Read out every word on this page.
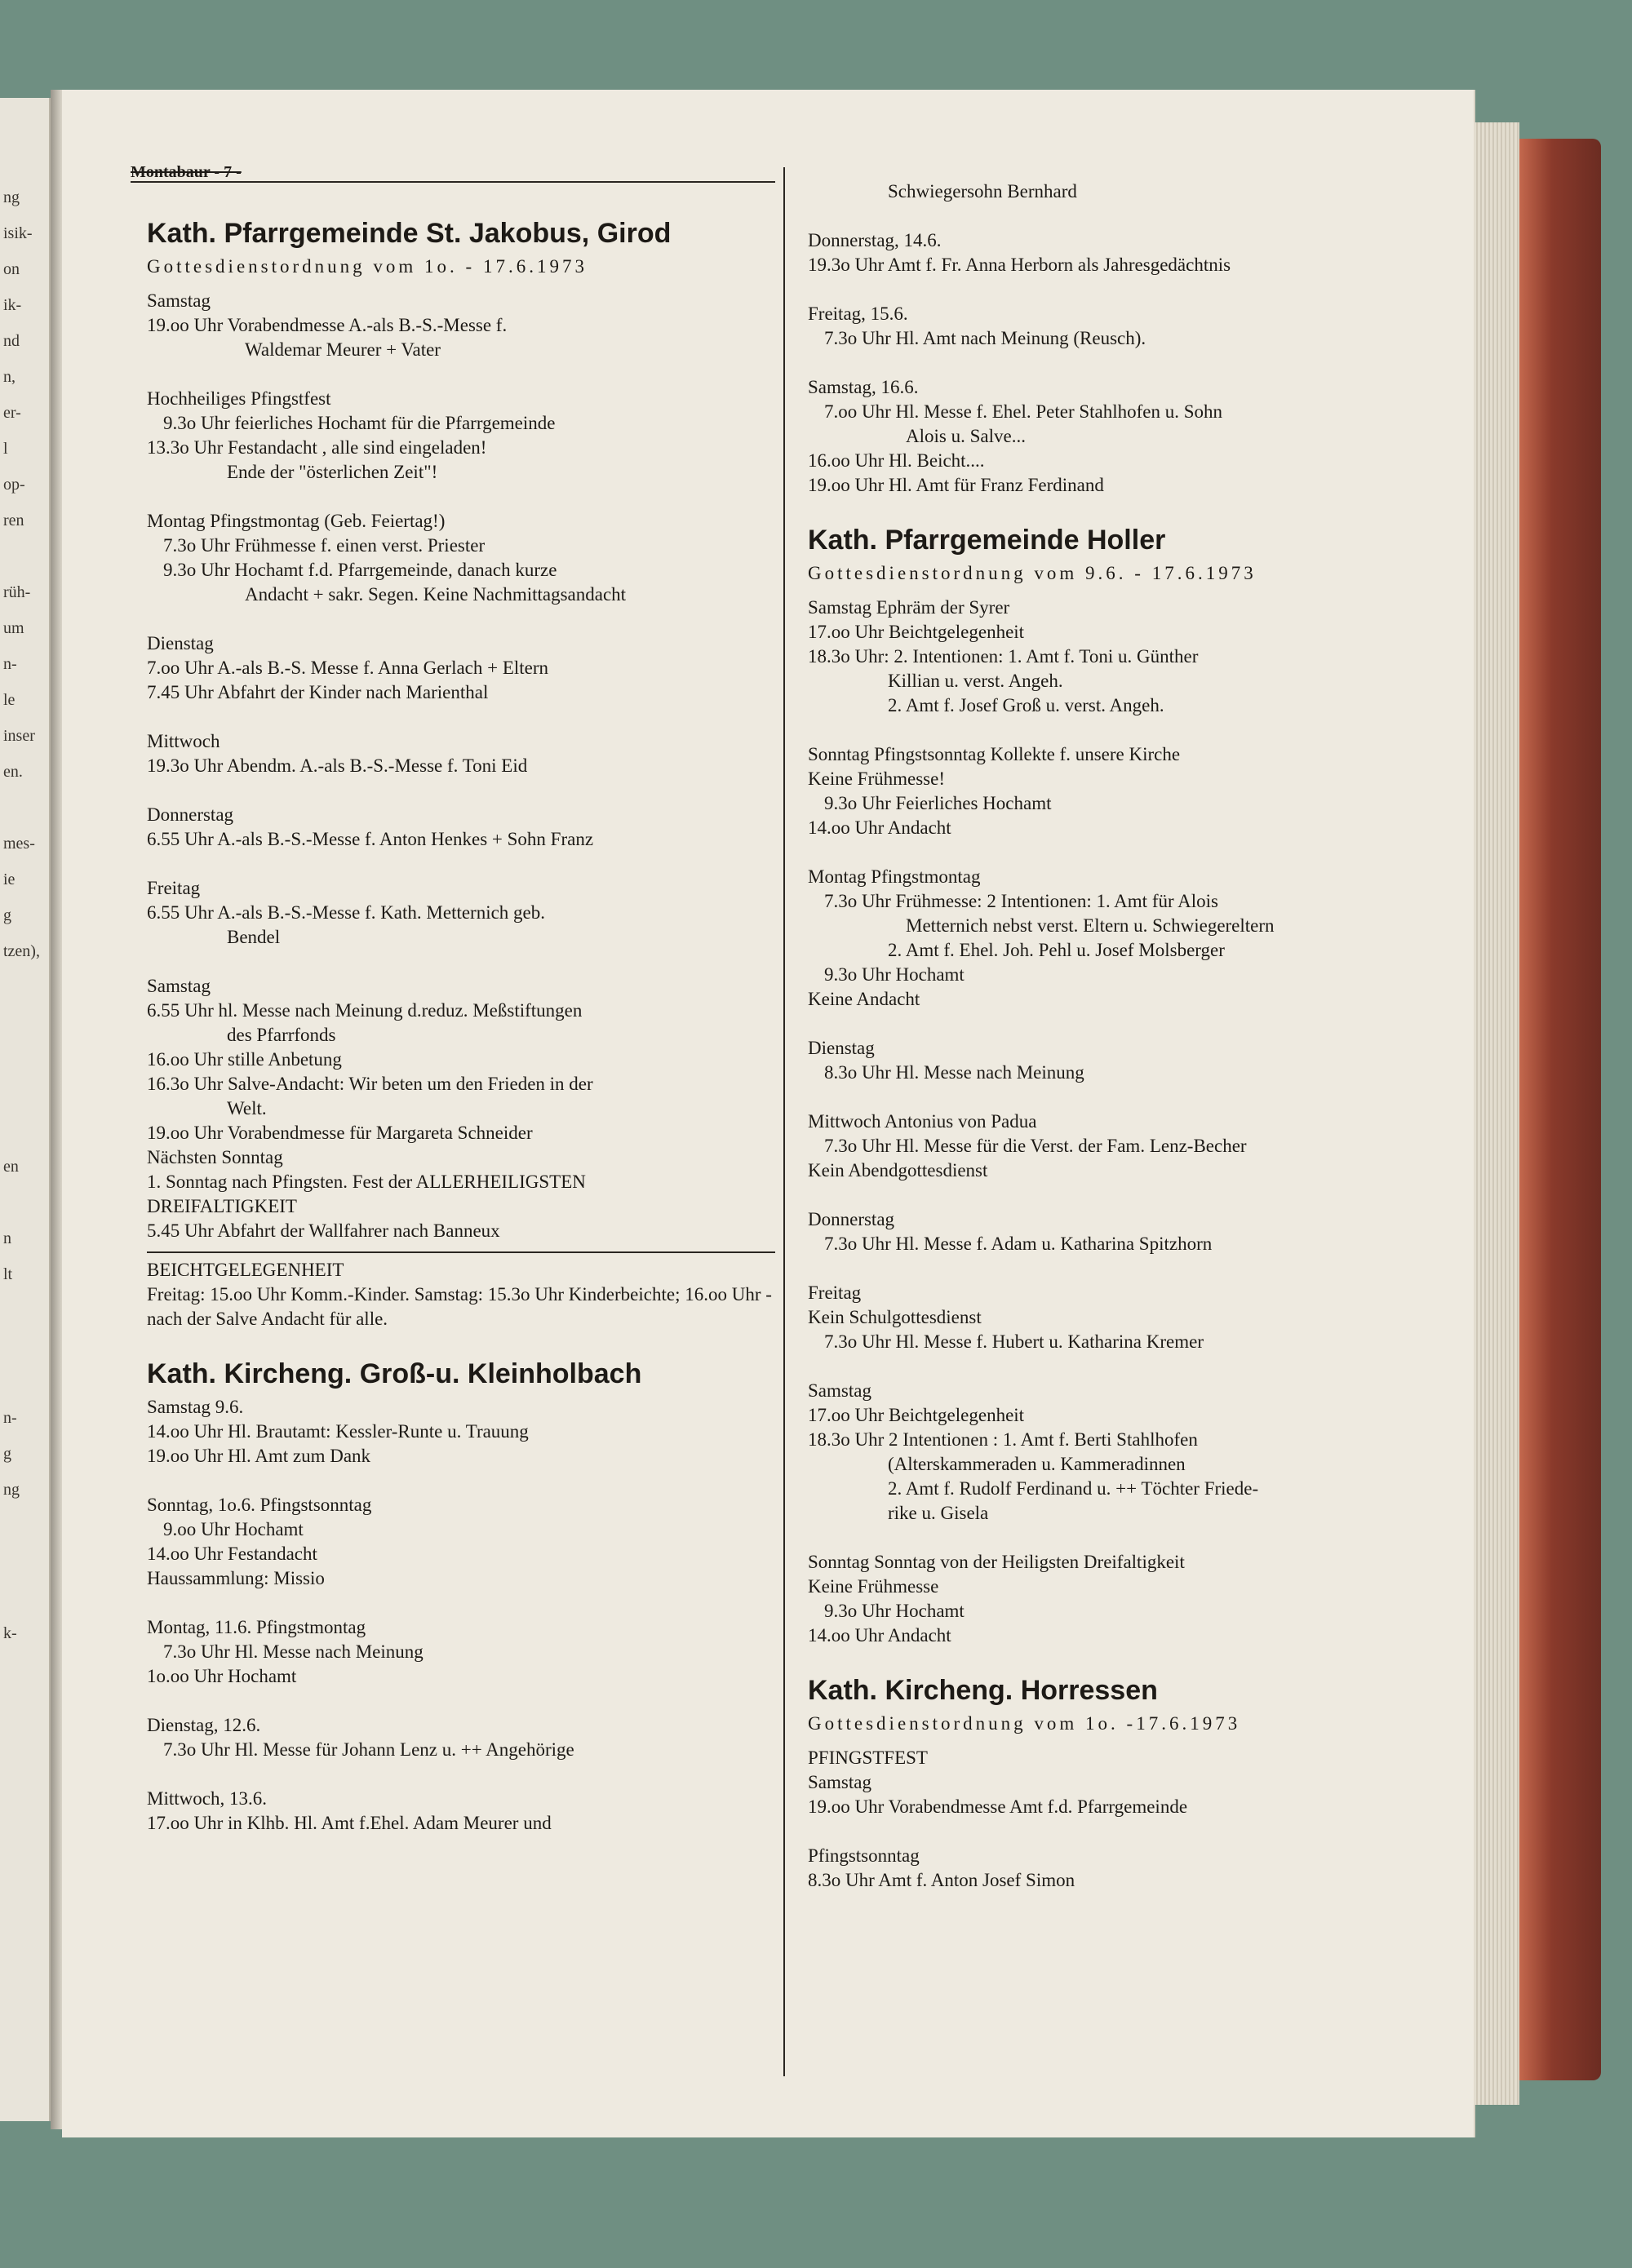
ng
isik-
on
ik-
nd
n,
er-
l
op-
ren

rüh-
um
n-
le
inser
en.

mes-
ie
g
tzen),

en

n
lt

n-
g
ng

k-
Montabaur - 7 -
Kath. Pfarrgemeinde St. Jakobus, Girod
Gottesdienstordnung vom 1o. - 17.6.1973
Samstag
19.oo Uhr Vorabendmesse A.-als B.-S.-Messe f.
Waldemar Meurer + Vater
Hochheiliges Pfingstfest
9.3o Uhr feierliches Hochamt für die Pfarrgemeinde
13.3o Uhr Festandacht , alle sind eingeladen!
Ende der "österlichen Zeit"!
Montag Pfingstmontag (Geb. Feiertag!)
7.3o Uhr Frühmesse f. einen verst. Priester
9.3o Uhr Hochamt f.d. Pfarrgemeinde, danach kurze
Andacht + sakr. Segen. Keine Nachmittagsandacht
Dienstag
7.oo Uhr A.-als B.-S. Messe f. Anna Gerlach + Eltern
7.45 Uhr Abfahrt der Kinder nach Marienthal
Mittwoch
19.3o Uhr Abendm. A.-als B.-S.-Messe f. Toni Eid
Donnerstag
6.55 Uhr A.-als B.-S.-Messe f. Anton Henkes + Sohn Franz
Freitag
6.55 Uhr A.-als B.-S.-Messe f. Kath. Metternich geb.
Bendel
Samstag
6.55 Uhr hl. Messe nach Meinung d.reduz. Meßstiftungen
des Pfarrfonds
16.oo Uhr stille Anbetung
16.3o Uhr Salve-Andacht: Wir beten um den Frieden in der
Welt.
19.oo Uhr Vorabendmesse für Margareta Schneider
Nächsten Sonntag
1. Sonntag nach Pfingsten. Fest der ALLERHEILIGSTEN
DREIFALTIGKEIT
5.45 Uhr Abfahrt der Wallfahrer nach Banneux
BEICHTGELEGENHEIT
Freitag: 15.oo Uhr Komm.-Kinder. Samstag: 15.3o Uhr Kinderbeichte; 16.oo Uhr - nach der Salve Andacht für alle.
Kath. Kircheng. Groß-u. Kleinholbach
Samstag 9.6.
14.oo Uhr Hl. Brautamt: Kessler-Runte u. Trauung
19.oo Uhr Hl. Amt zum Dank
Sonntag, 1o.6. Pfingstsonntag
9.oo Uhr Hochamt
14.oo Uhr Festandacht
Haussammlung: Missio
Montag, 11.6. Pfingstmontag
7.3o Uhr Hl. Messe nach Meinung
1o.oo Uhr Hochamt
Dienstag, 12.6.
7.3o Uhr Hl. Messe für Johann Lenz u. ++ Angehörige
Mittwoch, 13.6.
17.oo Uhr in Klhb. Hl. Amt f.Ehel. Adam Meurer und
Schwiegersohn Bernhard
Donnerstag, 14.6.
19.3o Uhr Amt f. Fr. Anna Herborn als Jahresgedächtnis
Freitag, 15.6.
7.3o Uhr Hl. Amt nach Meinung (Reusch).
Samstag, 16.6.
7.oo Uhr Hl. Messe f. Ehel. Peter Stahlhofen u. Sohn
Alois u. Salve...
16.oo Uhr Hl. Beicht....
19.oo Uhr Hl. Amt für Franz Ferdinand
Kath. Pfarrgemeinde Holler
Gottesdienstordnung vom 9.6. - 17.6.1973
Samstag Ephräm der Syrer
17.oo Uhr Beichtgelegenheit
18.3o Uhr: 2. Intentionen: 1. Amt f. Toni u. Günther
Killian u. verst. Angeh.
2. Amt f. Josef Groß u. verst. Angeh.
Sonntag Pfingstsonntag Kollekte f. unsere Kirche
Keine Frühmesse!
9.3o Uhr Feierliches Hochamt
14.oo Uhr Andacht
Montag Pfingstmontag
7.3o Uhr Frühmesse: 2 Intentionen: 1. Amt für Alois
Metternich nebst verst. Eltern u. Schwiegereltern
2. Amt f. Ehel. Joh. Pehl u. Josef Molsberger
9.3o Uhr Hochamt
Keine Andacht
Dienstag
8.3o Uhr Hl. Messe nach Meinung
Mittwoch Antonius von Padua
7.3o Uhr Hl. Messe für die Verst. der Fam. Lenz-Becher
Kein Abendgottesdienst
Donnerstag
7.3o Uhr Hl. Messe f. Adam u. Katharina Spitzhorn
Freitag
Kein Schulgottesdienst
7.3o Uhr Hl. Messe f. Hubert u. Katharina Kremer
Samstag
17.oo Uhr Beichtgelegenheit
18.3o Uhr 2 Intentionen : 1. Amt f. Berti Stahlhofen
(Alterskammeraden u. Kammeradinnen
2. Amt f. Rudolf Ferdinand u. ++ Töchter Friede-
rike u. Gisela
Sonntag Sonntag von der Heiligsten Dreifaltigkeit
Keine Frühmesse
9.3o Uhr Hochamt
14.oo Uhr Andacht
Kath. Kircheng. Horressen
Gottesdienstordnung vom 1o. -17.6.1973
PFINGSTFEST
Samstag
19.oo Uhr Vorabendmesse Amt f.d. Pfarrgemeinde
Pfingstsonntag
8.3o Uhr Amt f. Anton Josef Simon
